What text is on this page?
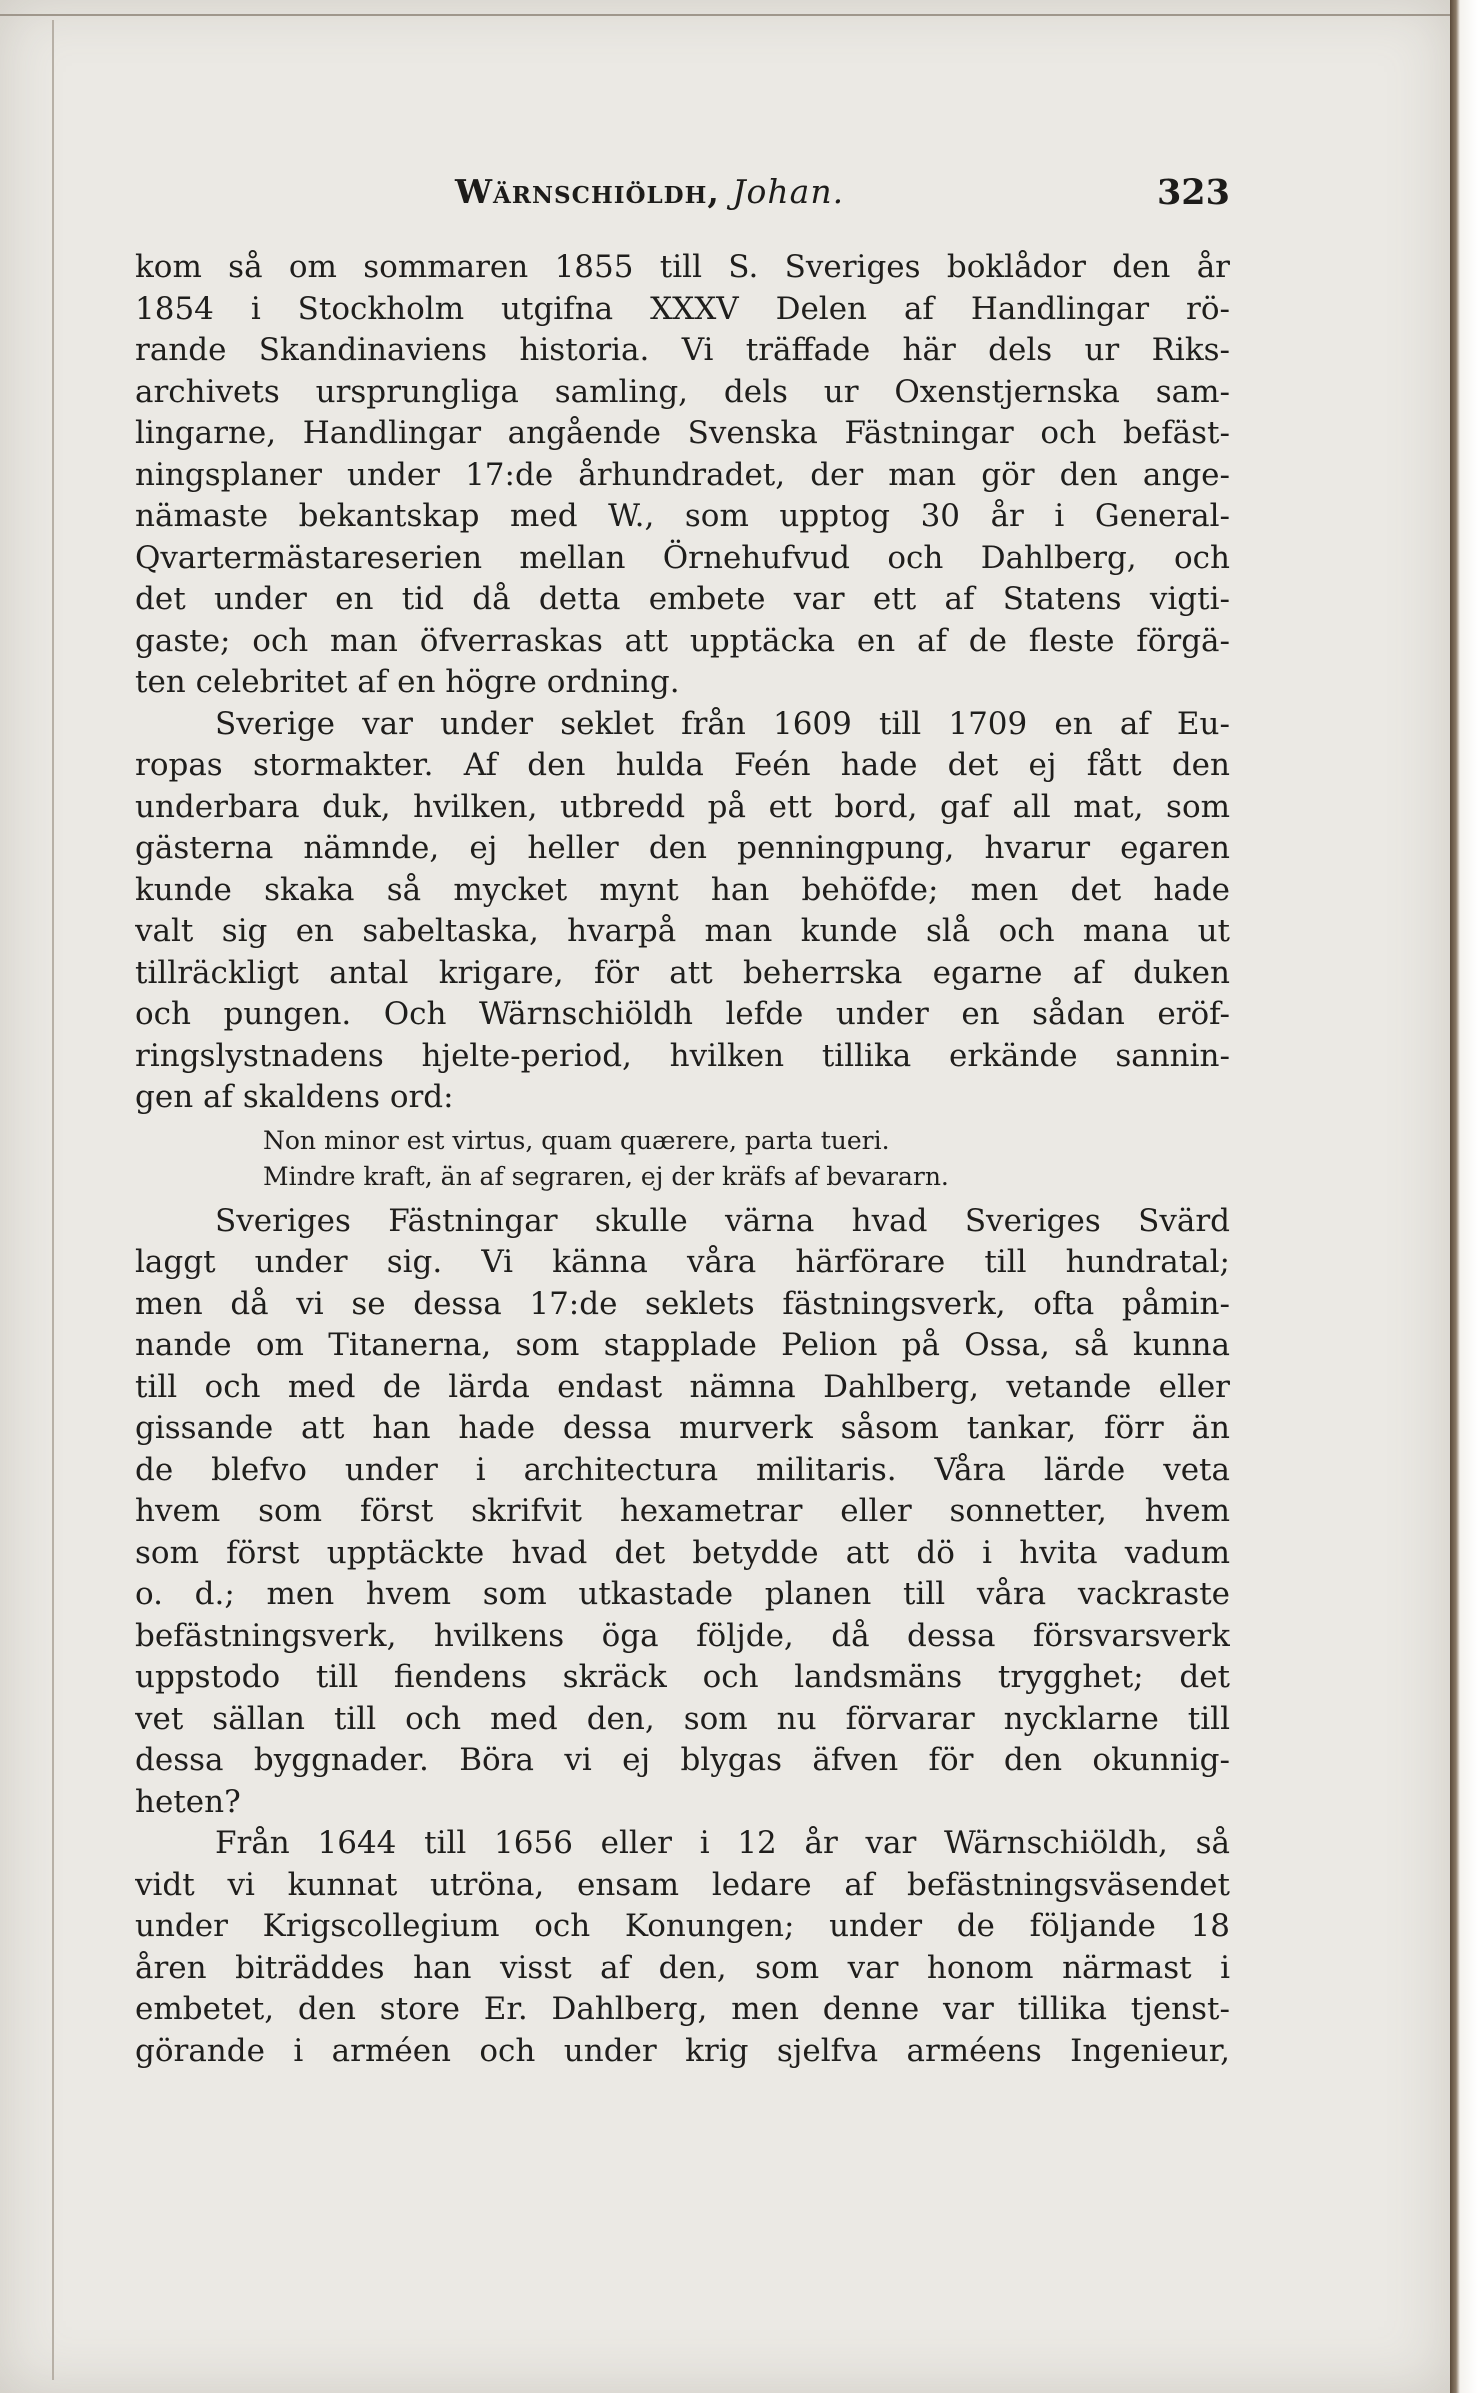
Wärnschiöldh, Johan.	323
kom så om sommaren 1855 till S. Sveriges boklådor den år
1854 i Stockholm utgifna XXXV Delen af Handlingar rö-
rande Skandinaviens historia. Vi träffade här dels ur Riks-
archivets ursprungliga samling, dels ur Oxenstjernska sam-
lingarne, Handlingar angående Svenska Fästningar och befäst-
ningsplaner under 17:de århundradet, der man gör den ange-
nämaste bekantskap med W., som upptog 30 år i General-
Qvartermästareserien mellan Örnehufvud och Dahlberg, och
det under en tid då detta embete var ett af Statens vigti-
gaste; och man öfverraskas att upptäcka en af de fleste förgä-
ten celebritet af en högre ordning.
Sverige var under seklet från 1609 till 1709 en af Eu-
ropas stormakter. Af den hulda Feén hade det ej fått den
underbara duk, hvilken, utbredd på ett bord, gaf all mat, som
gästerna nämnde, ej heller den penningpung, hvarur egaren
kunde skaka så mycket mynt han behöfde; men det hade
valt sig en sabeltaska, hvarpå man kunde slå och mana ut
tillräckligt antal krigare, för att beherrska egarne af duken
och pungen. Och Wärnschiöldh lefde under en sådan eröf-
ringslystnadens hjelte-period, hvilken tillika erkände sannin-
gen af skaldens ord:
Non minor est virtus, quam quærere, parta tueri.
Mindre kraft, än af segraren, ej der kräfs af bevararn.
Sveriges Fästningar skulle värna hvad Sveriges Svärd
laggt under sig. Vi känna våra härförare till hundratal;
men då vi se dessa 17:de seklets fästningsverk, ofta påmin-
nande om Titanerna, som stapplade Pelion på Ossa, så kunna
till och med de lärda endast nämna Dahlberg, vetande eller
gissande att han hade dessa murverk såsom tankar, förr än
de blefvo under i architectura militaris. Våra lärde veta
hvem som först skrifvit hexametrar eller sonnetter, hvem
som först upptäckte hvad det betydde att dö i hvita vadum
o. d.; men hvem som utkastade planen till våra vackraste
befästningsverk, hvilkens öga följde, då dessa försvarsverk
uppstodo till fiendens skräck och landsmäns trygghet; det
vet sällan till och med den, som nu förvarar nycklarne till
dessa byggnader. Böra vi ej blygas äfven för den okunnig-
heten?
Från 1644 till 1656 eller i 12 år var Wärnschiöldh, så
vidt vi kunnat utröna, ensam ledare af befästningsväsendet
under Krigscollegium och Konungen; under de följande 18
åren biträddes han visst af den, som var honom närmast i
embetet, den store Er. Dahlberg, men denne var tillika tjenst-
görande i arméen och under krig sjelfva arméens Ingenieur,
